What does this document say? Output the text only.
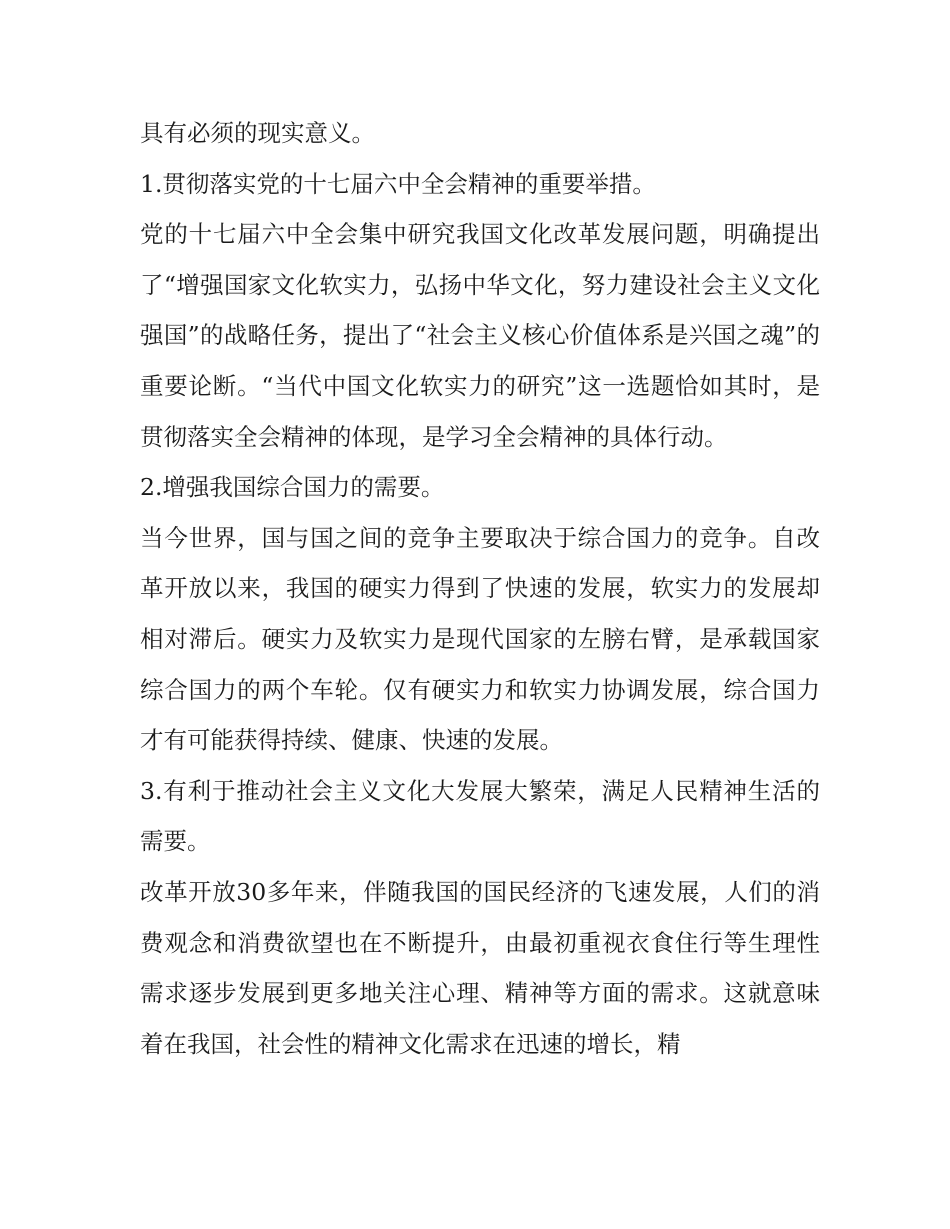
具有必须的现实意义。

1.贯彻落实党的十七届六中全会精神的重要举措。

党的十七届六中全会集中研究我国文化改革发展问题，明确提出了“增强国家文化软实力，弘扬中华文化，努力建设社会主义文化强国”的战略任务，提出了“社会主义核心价值体系是兴国之魂”的重要论断。“当代中国文化软实力的研究”这一选题恰如其时，是贯彻落实全会精神的体现，是学习全会精神的具体行动。

2.增强我国综合国力的需要。

当今世界，国与国之间的竞争主要取决于综合国力的竞争。自改革开放以来，我国的硬实力得到了快速的发展，软实力的发展却相对滞后。硬实力及软实力是现代国家的左膀右臂，是承载国家综合国力的两个车轮。仅有硬实力和软实力协调发展，综合国力才有可能获得持续、健康、快速的发展。

3.有利于推动社会主义文化大发展大繁荣，满足人民精神生活的需要。

改革开放30多年来，伴随我国的国民经济的飞速发展，人们的消费观念和消费欲望也在不断提升，由最初重视衣食住行等生理性需求逐步发展到更多地关注心理、精神等方面的需求。这就意味着在我国，社会性的精神文化需求在迅速的增长，精
